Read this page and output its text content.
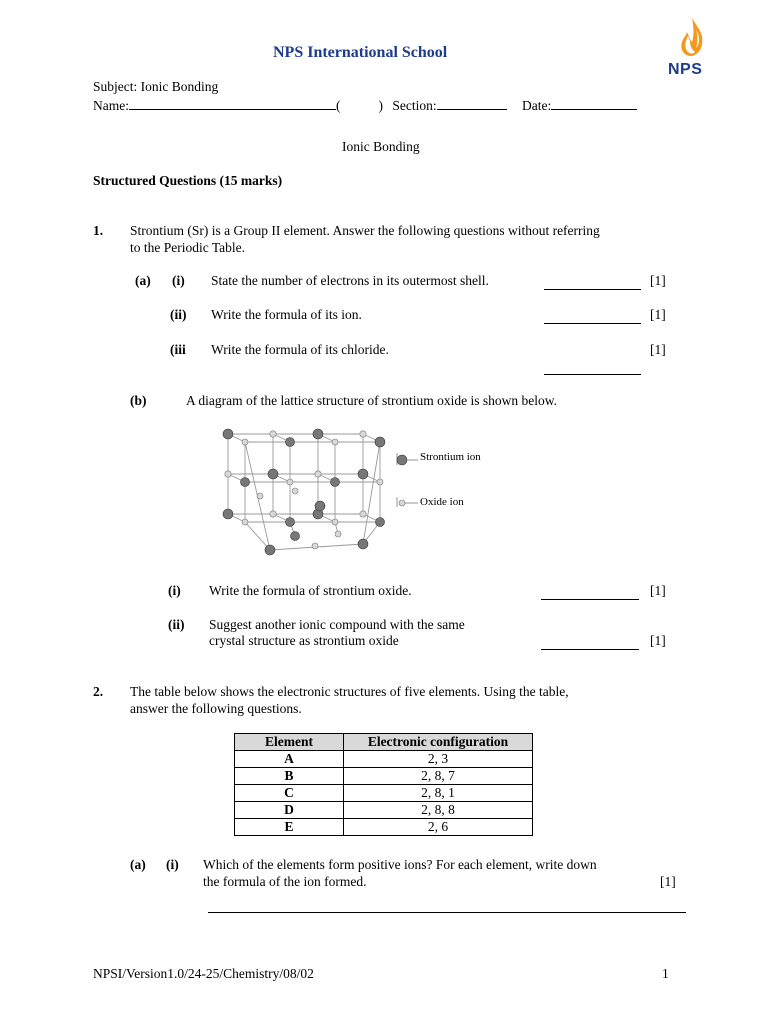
NPS International School
NPS
Subject: Ionic Bonding
Name:	(	) Section:	Date:
Ionic Bonding
Structured Questions (15 marks)
1. Strontium (Sr) is a Group II element. Answer the following questions without referring
to the Periodic Table.
(a) (i) State the number of electrons in its outermost shell.	[1]
(ii) Write the formula of its ion.	[1]
(iii Write the formula of its chloride.	[1]
(b)	A diagram of the lattice structure of strontium oxide is shown below.
Strontium ion
Oxide ion
(i) Write the formula of strontium oxide.	[1]
(ii) Suggest another ionic compound with the same
crystal structure as strontium oxide	[1]
2. The table below shows the electronic structures of five elements. Using the table,
answer the following questions.
Element	Electronic configuration
A	2, 3
B	2, 8, 7
C	2, 8, 1
D	2, 8, 8
E	2, 6
(a) (i) Which of the elements form positive ions? For each element, write down
the formula of the ion formed.	[1]
NPSI/Version1.0/24-25/Chemistry/08/02	1
